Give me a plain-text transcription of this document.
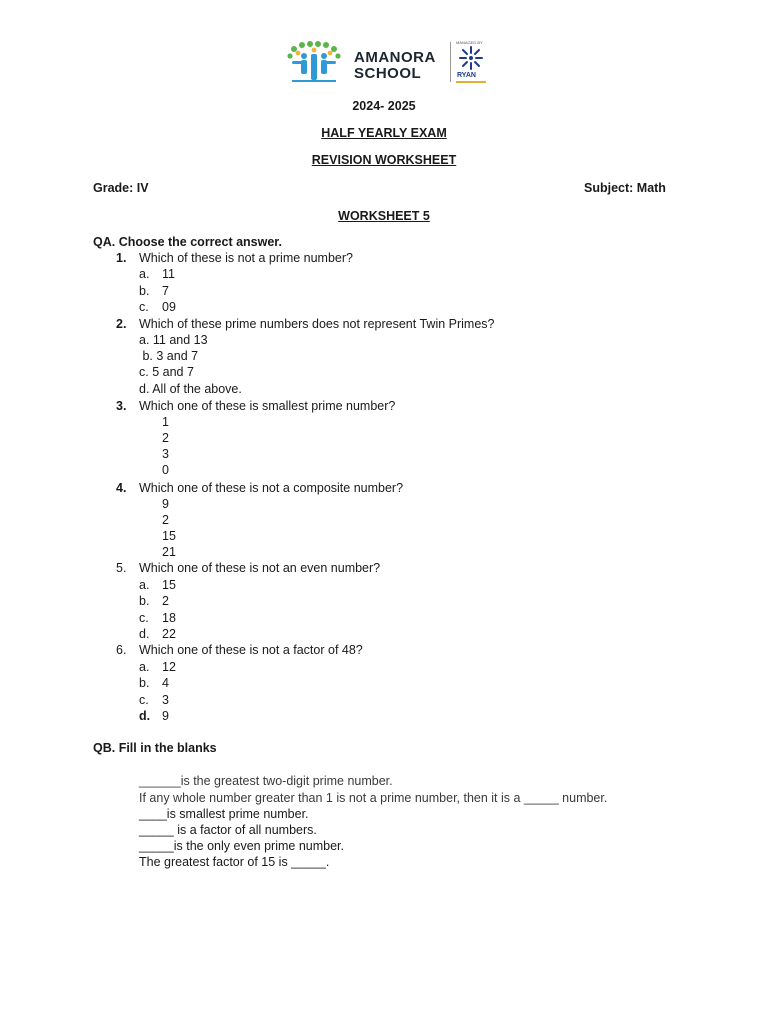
AMANORA
SCHOOL
MANAGED BY
RYAN
2024- 2025
HALF YEARLY EXAM
REVISION WORKSHEET
Grade: IV	Subject: Math
WORKSHEET 5
QA. Choose the correct answer.
1. Which of these is not a prime number?
a. 11
b. 7
c. 09
2. Which of these prime numbers does not represent Twin Primes?
a. 11 and 13
b. 3 and 7
c. 5 and 7
d. All of the above.
3. Which one of these is smallest prime number?
1
2
3
0
4. Which one of these is not a composite number?
9
2
15
21
5. Which one of these is not an even number?
a. 15
b. 2
c. 18
d. 22
6. Which one of these is not a factor of 48?
a. 12
b. 4
c. 3
d. 9
QB. Fill in the blanks
______is the greatest two-digit prime number.
If any whole number greater than 1 is not a prime number, then it is a _____ number.
____is smallest prime number.
_____ is a factor of all numbers.
_____is the only even prime number.
The greatest factor of 15 is _____.
